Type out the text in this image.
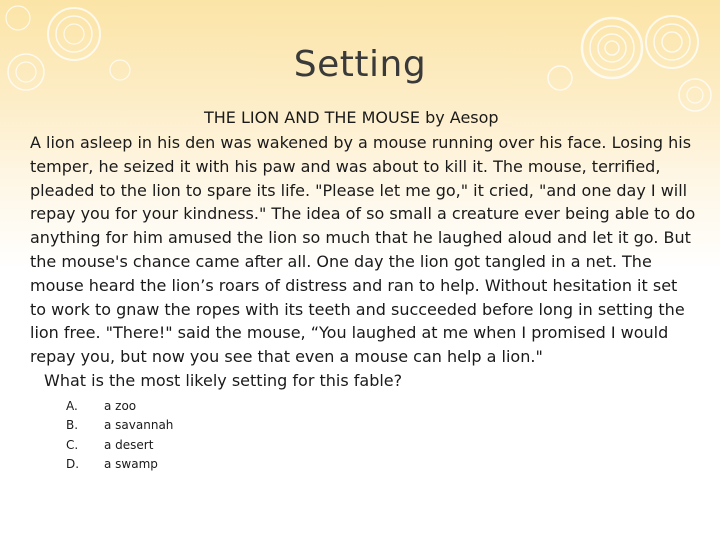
Setting
THE LION AND THE MOUSE by Aesop

A lion asleep in his den was wakened by a mouse running over his face. Losing his
temper, he seized it with his paw and was about to kill it. The mouse, terrified,
pleaded to the lion to spare its life. "Please let me go," it cried, "and one day I will
repay you for your kindness." The idea of so small a creature ever being able to do
anything for him amused the lion so much that he laughed aloud and let it go. But
the mouse's chance came after all. One day the lion got tangled in a net. The
mouse heard the lion’s roars of distress and ran to help. Without hesitation it set
to work to gnaw the ropes with its teeth and succeeded before long in setting the
lion free. "There!" said the mouse, “You laughed at me when I promised I would
repay you, but now you see that even a mouse can help a lion."

What is the most likely setting for this fable?
A.	a zoo
B.	a savannah
C.	a desert
D.	a swamp
